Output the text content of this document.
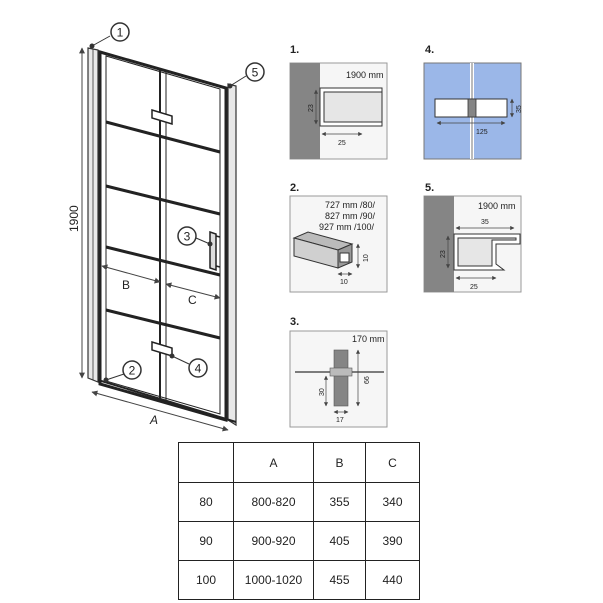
B
C
1900
A
1
5
3
4
2
1.
1900 mm
23
25
2.
727 mm /80/
827 mm /90/
927 mm /100/
10
10
3.
170 mm
66
30
17
4.
35
125
5.
1900 mm
35
23
25
	A	B	C
80	800-820	355	340
90	900-920	405	390
100	1000-1020	455	440
